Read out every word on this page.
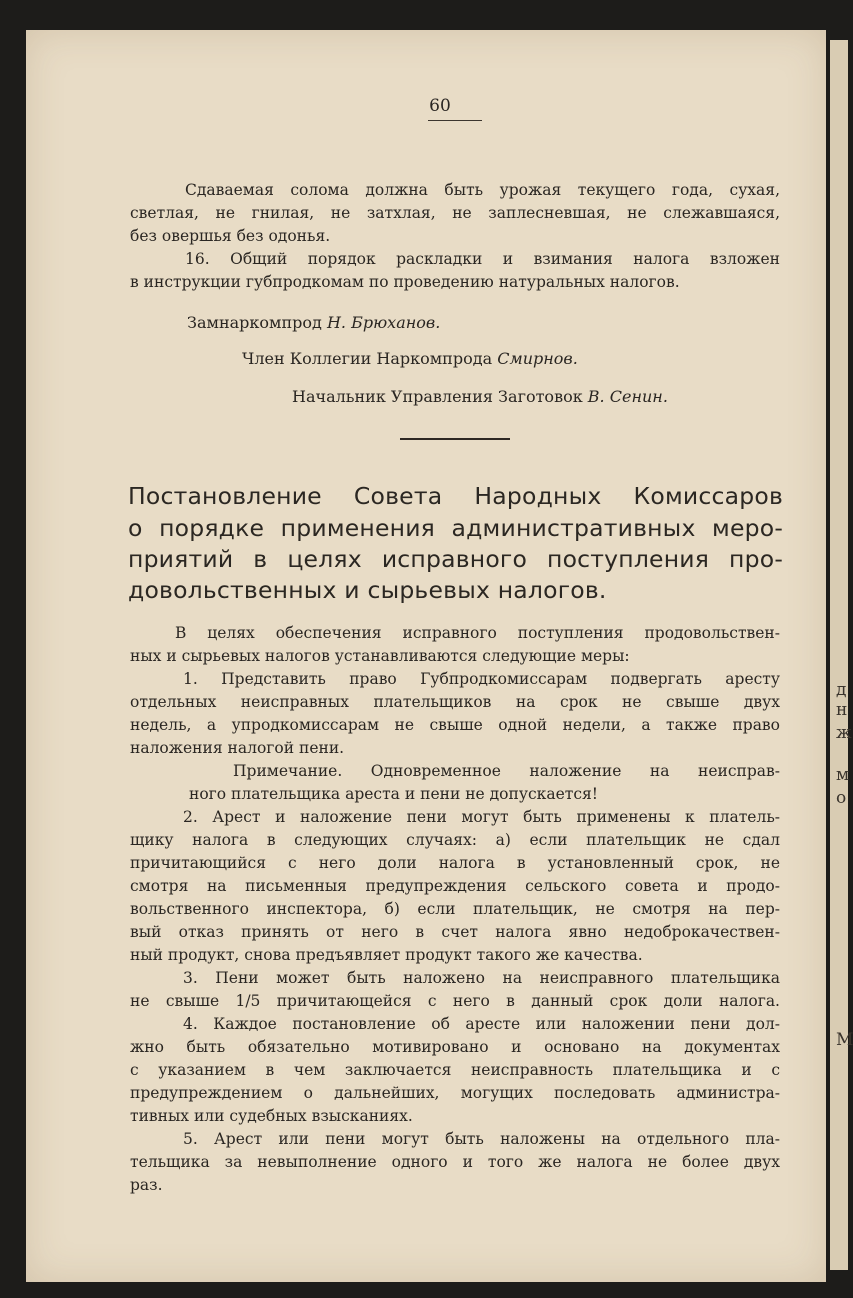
д
н
ж
м
о
М
60
Сдаваемая солома должна быть урожая текущего года, сухая,
светлая, не гнилая, не затхлая, не заплесневшая, не слежавшаяся,
без овершья без одонья.
16. Общий порядок раскладки и взимания налога взложен
в инструкции губпродкомам по проведению натуральных налогов.
Замнаркомпрод Н. Брюханов.
Член Коллегии Наркомпрода Смирнов.
Начальник Управления Заготовок В. Сенин.
Постановление Совета Народных Комиссаров
о порядке применения административных меро-
приятий в целях исправного поступления про-
довольственных и сырьевых налогов.
В целях обеспечения исправного поступления продовольствен-
ных и сырьевых налогов устанавливаются следующие меры:
1. Представить право Губпродкомиссарам подвергать аресту
отдельных неисправных плательщиков на срок не свыше двух
недель, а упродкомиссарам не свыше одной недели, а также право
наложения налогой пени.
Примечание. Одновременное наложение на неисправ-
ного плательщика ареста и пени не допускается!
2. Арест и наложение пени могут быть применены к платель-
щику налога в следующих случаях: а) если плательщик не сдал
причитающийся с него доли налога в установленный срок, не
смотря на письменныя предупреждения сельского совета и продо-
вольственного инспектора, б) если плательщик, не смотря на пер-
вый отказ принять от него в счет налога явно недоброкачествен-
ный продукт, снова предъявляет продукт такого же качества.
3. Пени может быть наложено на неисправного плательщика
не свыше 1/5 причитающейся с него в данный срок доли налога.
4. Каждое постановление об аресте или наложении пени дол-
жно быть обязательно мотивировано и основано на документах
с указанием в чем заключается неисправность плательщика и с
предупреждением о дальнейших, могущих последовать администра-
тивных или судебных взысканиях.
5. Арест или пени могут быть наложены на отдельного пла-
тельщика за невыполнение одного и того же налога не более двух
раз.
